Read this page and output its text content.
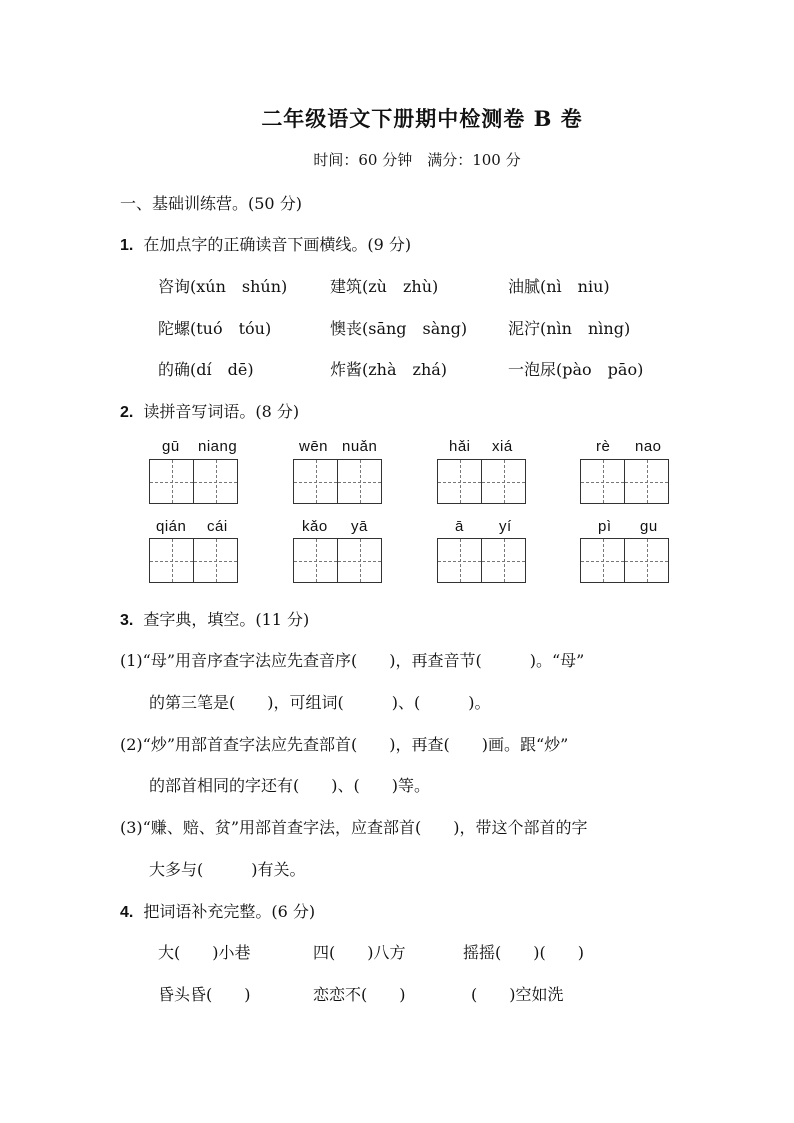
二年级语文下册期中检测卷 B 卷
时间：60 分钟　满分：100 分
一、基础训练营。(50 分)
1. 在加点字的正确读音下画横线。(9 分)
咨询(xún　shún)	建筑(zù　zhù)	油腻(nì　niu)
陀螺(tuó　tóu)	懊丧(sāng　sàng)	泥泞(nìn　nìng)
的确(dí　dē)	炸酱(zhà　zhá)	一泡尿(pào　pāo)
2. 读拼音写词语。(8 分)
gū niang	wēn nuǎn	hǎi xiá	rè nao
qián cái	kǎo yā	ā yí	pì gu
3. 查字典，填空。(11 分)
(1)“母”用音序查字法应先查音序(　　)，再查音节(　　　)。“母”
的第三笔是(　　)，可组词(　　　)、(　　　)。
(2)“炒”用部首查字法应先查部首(　　)，再查(　　)画。跟“炒”
的部首相同的字还有(　　)、(　　)等。
(3)“赚、赔、贫”用部首查字法，应查部首(　　)，带这个部首的字
大多与(　　　)有关。
4. 把词语补充完整。(6 分)
大(　　)小巷	四(　　)八方	摇摇(　　)(　　)
昏头昏(　　)	恋恋不(　　)	(　　)空如洗
